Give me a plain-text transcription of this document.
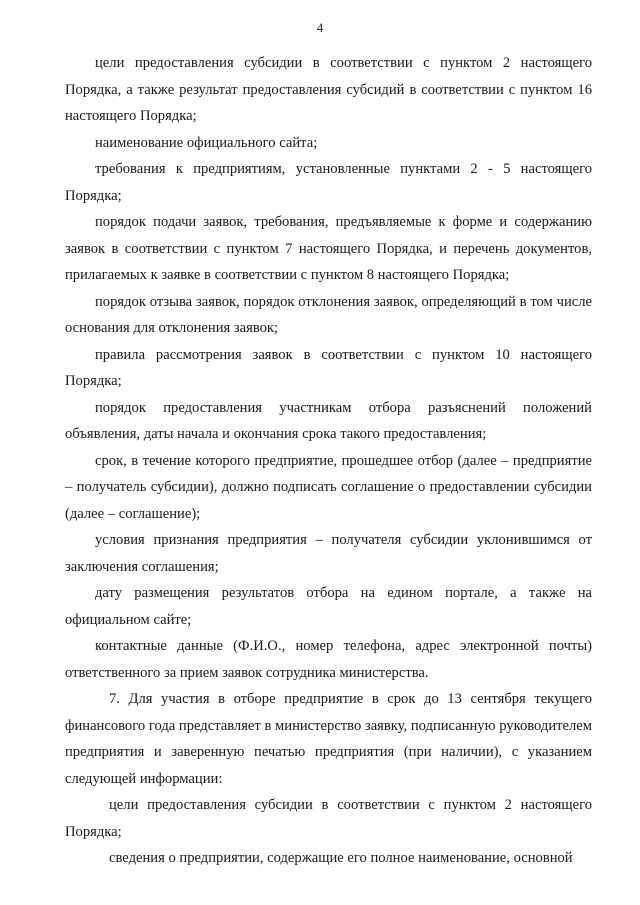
4

цели предоставления субсидии в соответствии с пунктом 2 настоящего Порядка, а также результат предоставления субсидий в соответствии с пунктом 16 настоящего Порядка;

наименование официального сайта;

требования к предприятиям, установленные пунктами 2 - 5 настоящего Порядка;

порядок подачи заявок, требования, предъявляемые к форме и содержанию заявок в соответствии с пунктом 7 настоящего Порядка, и перечень документов, прилагаемых к заявке в соответствии с пунктом 8 настоящего Порядка;

порядок отзыва заявок, порядок отклонения заявок, определяющий в том числе основания для отклонения заявок;

правила рассмотрения заявок в соответствии с пунктом 10 настоящего Порядка;

порядок предоставления участникам отбора разъяснений положений объявления, даты начала и окончания срока такого предоставления;

срок, в течение которого предприятие, прошедшее отбор (далее – предприятие – получатель субсидии), должно подписать соглашение о предоставлении субсидии (далее – соглашение);

условия признания предприятия – получателя субсидии уклонившимся от заключения соглашения;

дату размещения результатов отбора на едином портале, а также на официальном сайте;

контактные данные (Ф.И.О., номер телефона, адрес электронной почты) ответственного за прием заявок сотрудника министерства.

7. Для участия в отборе предприятие в срок до 13 сентября текущего финансового года представляет в министерство заявку, подписанную руководителем предприятия и заверенную печатью предприятия (при наличии), с указанием следующей информации:

цели предоставления субсидии в соответствии с пунктом 2 настоящего Порядка;

сведения о предприятии, содержащие его полное наименование, основной
